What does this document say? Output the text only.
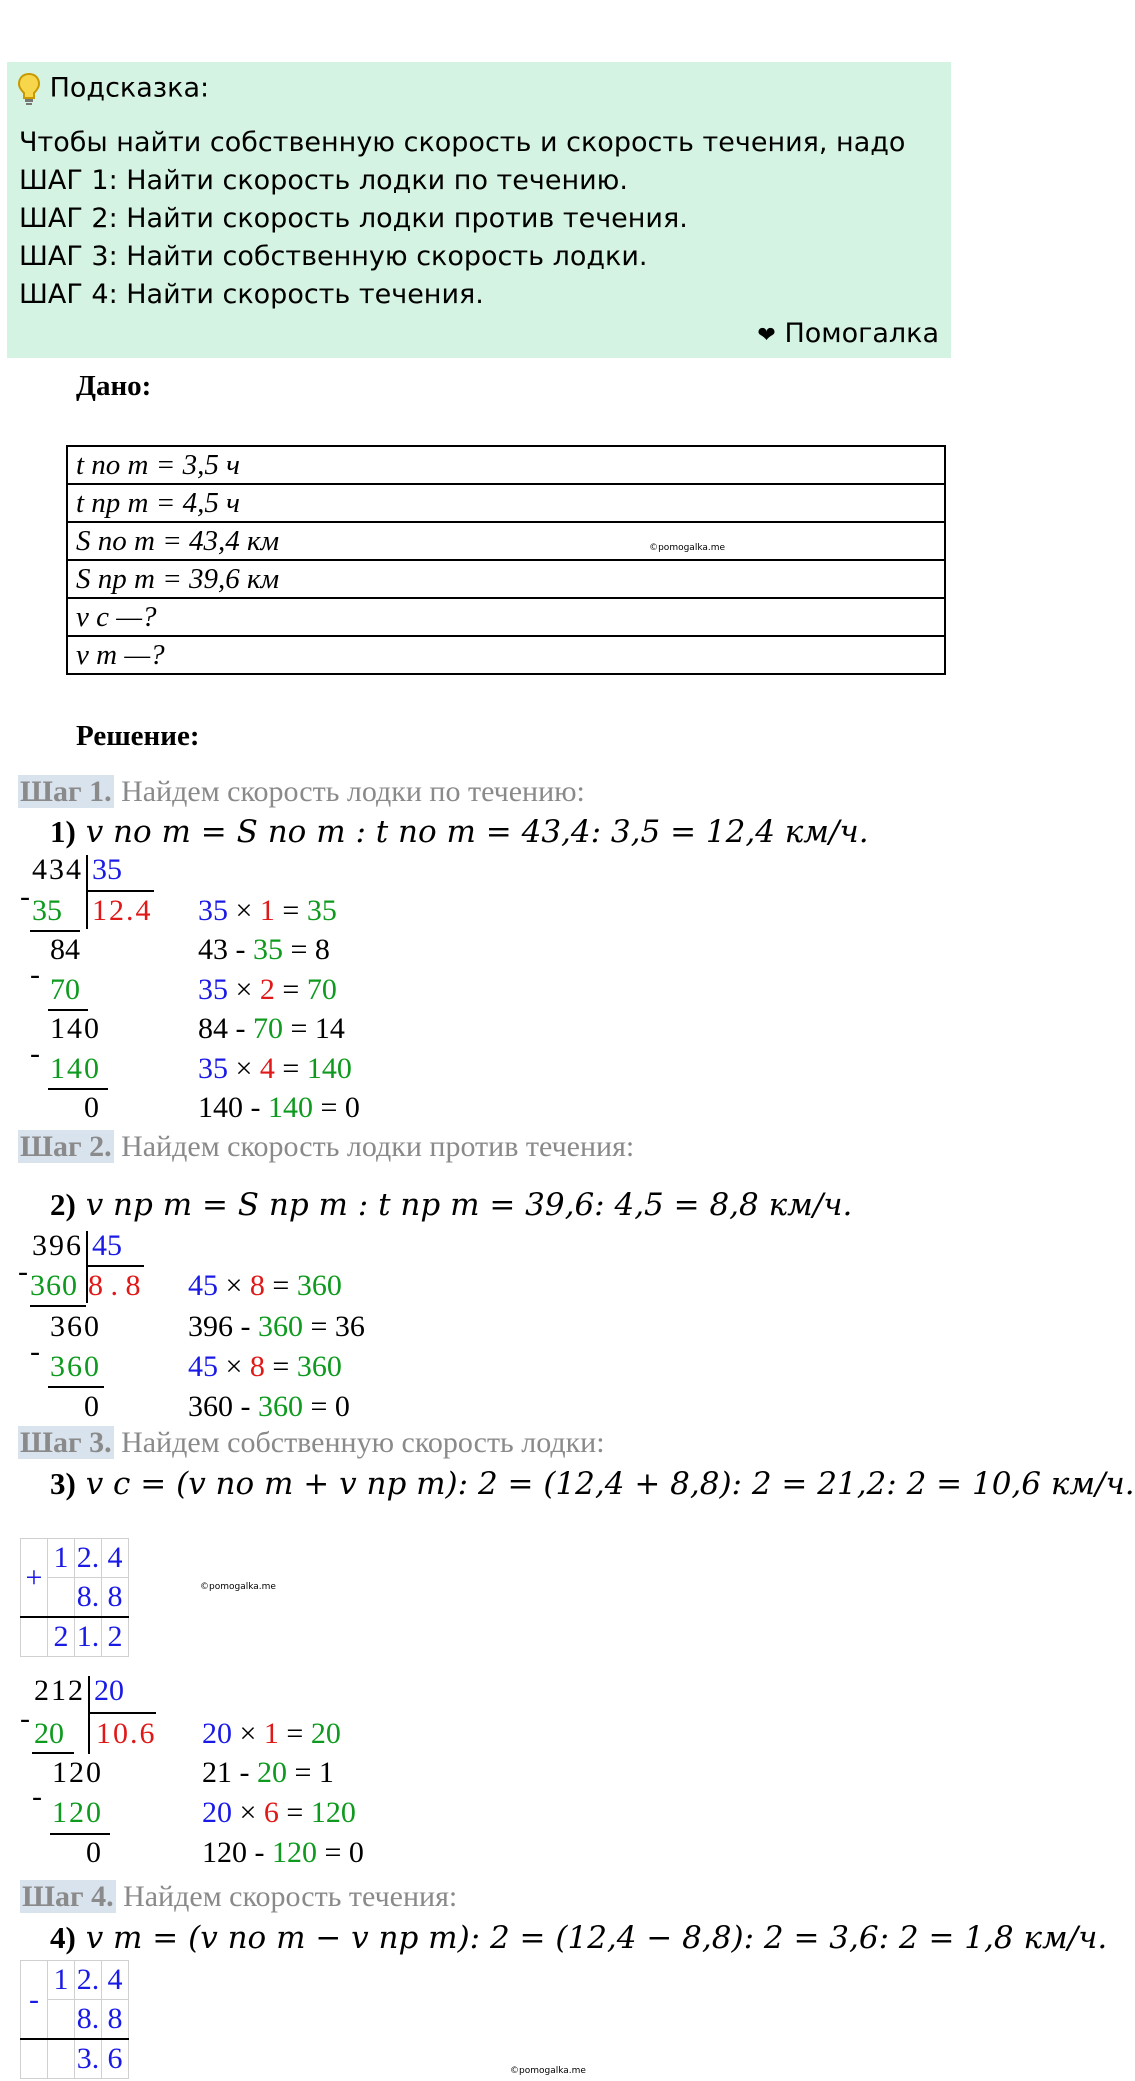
Подсказка:
Чтобы найти собственную скорость и скорость течения, надо
ШАГ 1: Найти скорость лодки по течению.
ШАГ 2: Найти скорость лодки против течения.
ШАГ 3: Найти собственную скорость лодки.
ШАГ 4: Найти скорость течения.
❤ Помогалка
Дано:
t по т = 3,5 ч
t пр т = 4,5 ч
S по т = 43,4 км	©pomogalka.me
S пр т = 39,6 км
v с —?
v т —?
Решение:
Шаг 1. Найдем скорость лодки по течению:
1) v по т = S по т : t по т = 43,4: 3,5 = 12,4 км/ч.
434 35
12.4
- 35
84
- 70
140
- 140
0
35 × 1 = 35
43 - 35 = 8
35 × 2 = 70
84 - 70 = 14
35 × 4 = 140
140 - 140 = 0
Шаг 2. Найдем скорость лодки против течения:
2) v пр т = S пр т : t пр т = 39,6: 4,5 = 8,8 км/ч.
396 45
8 . 8
- 360
360
- 360
0
45 × 8 = 360
396 - 360 = 36
45 × 8 = 360
360 - 360 = 0
Шаг 3. Найдем собственную скорость лодки:
3) v с = (v по т + v пр т): 2 = (12,4 + 8,8): 2 = 21,2: 2 = 10,6 км/ч.
+	1	2.	4
		8.	8
	2	1.	2
©pomogalka.me
212 20
10.6
- 20
120
- 120
0
20 × 1 = 20
21 - 20 = 1
20 × 6 = 120
120 - 120 = 0
Шаг 4. Найдем скорость течения:
4) v т = (v по т − v пр т): 2 = (12,4 − 8,8): 2 = 3,6: 2 = 1,8 км/ч.
-	1	2.	4
		8.	8
		3.	6	©pomogalka.me
